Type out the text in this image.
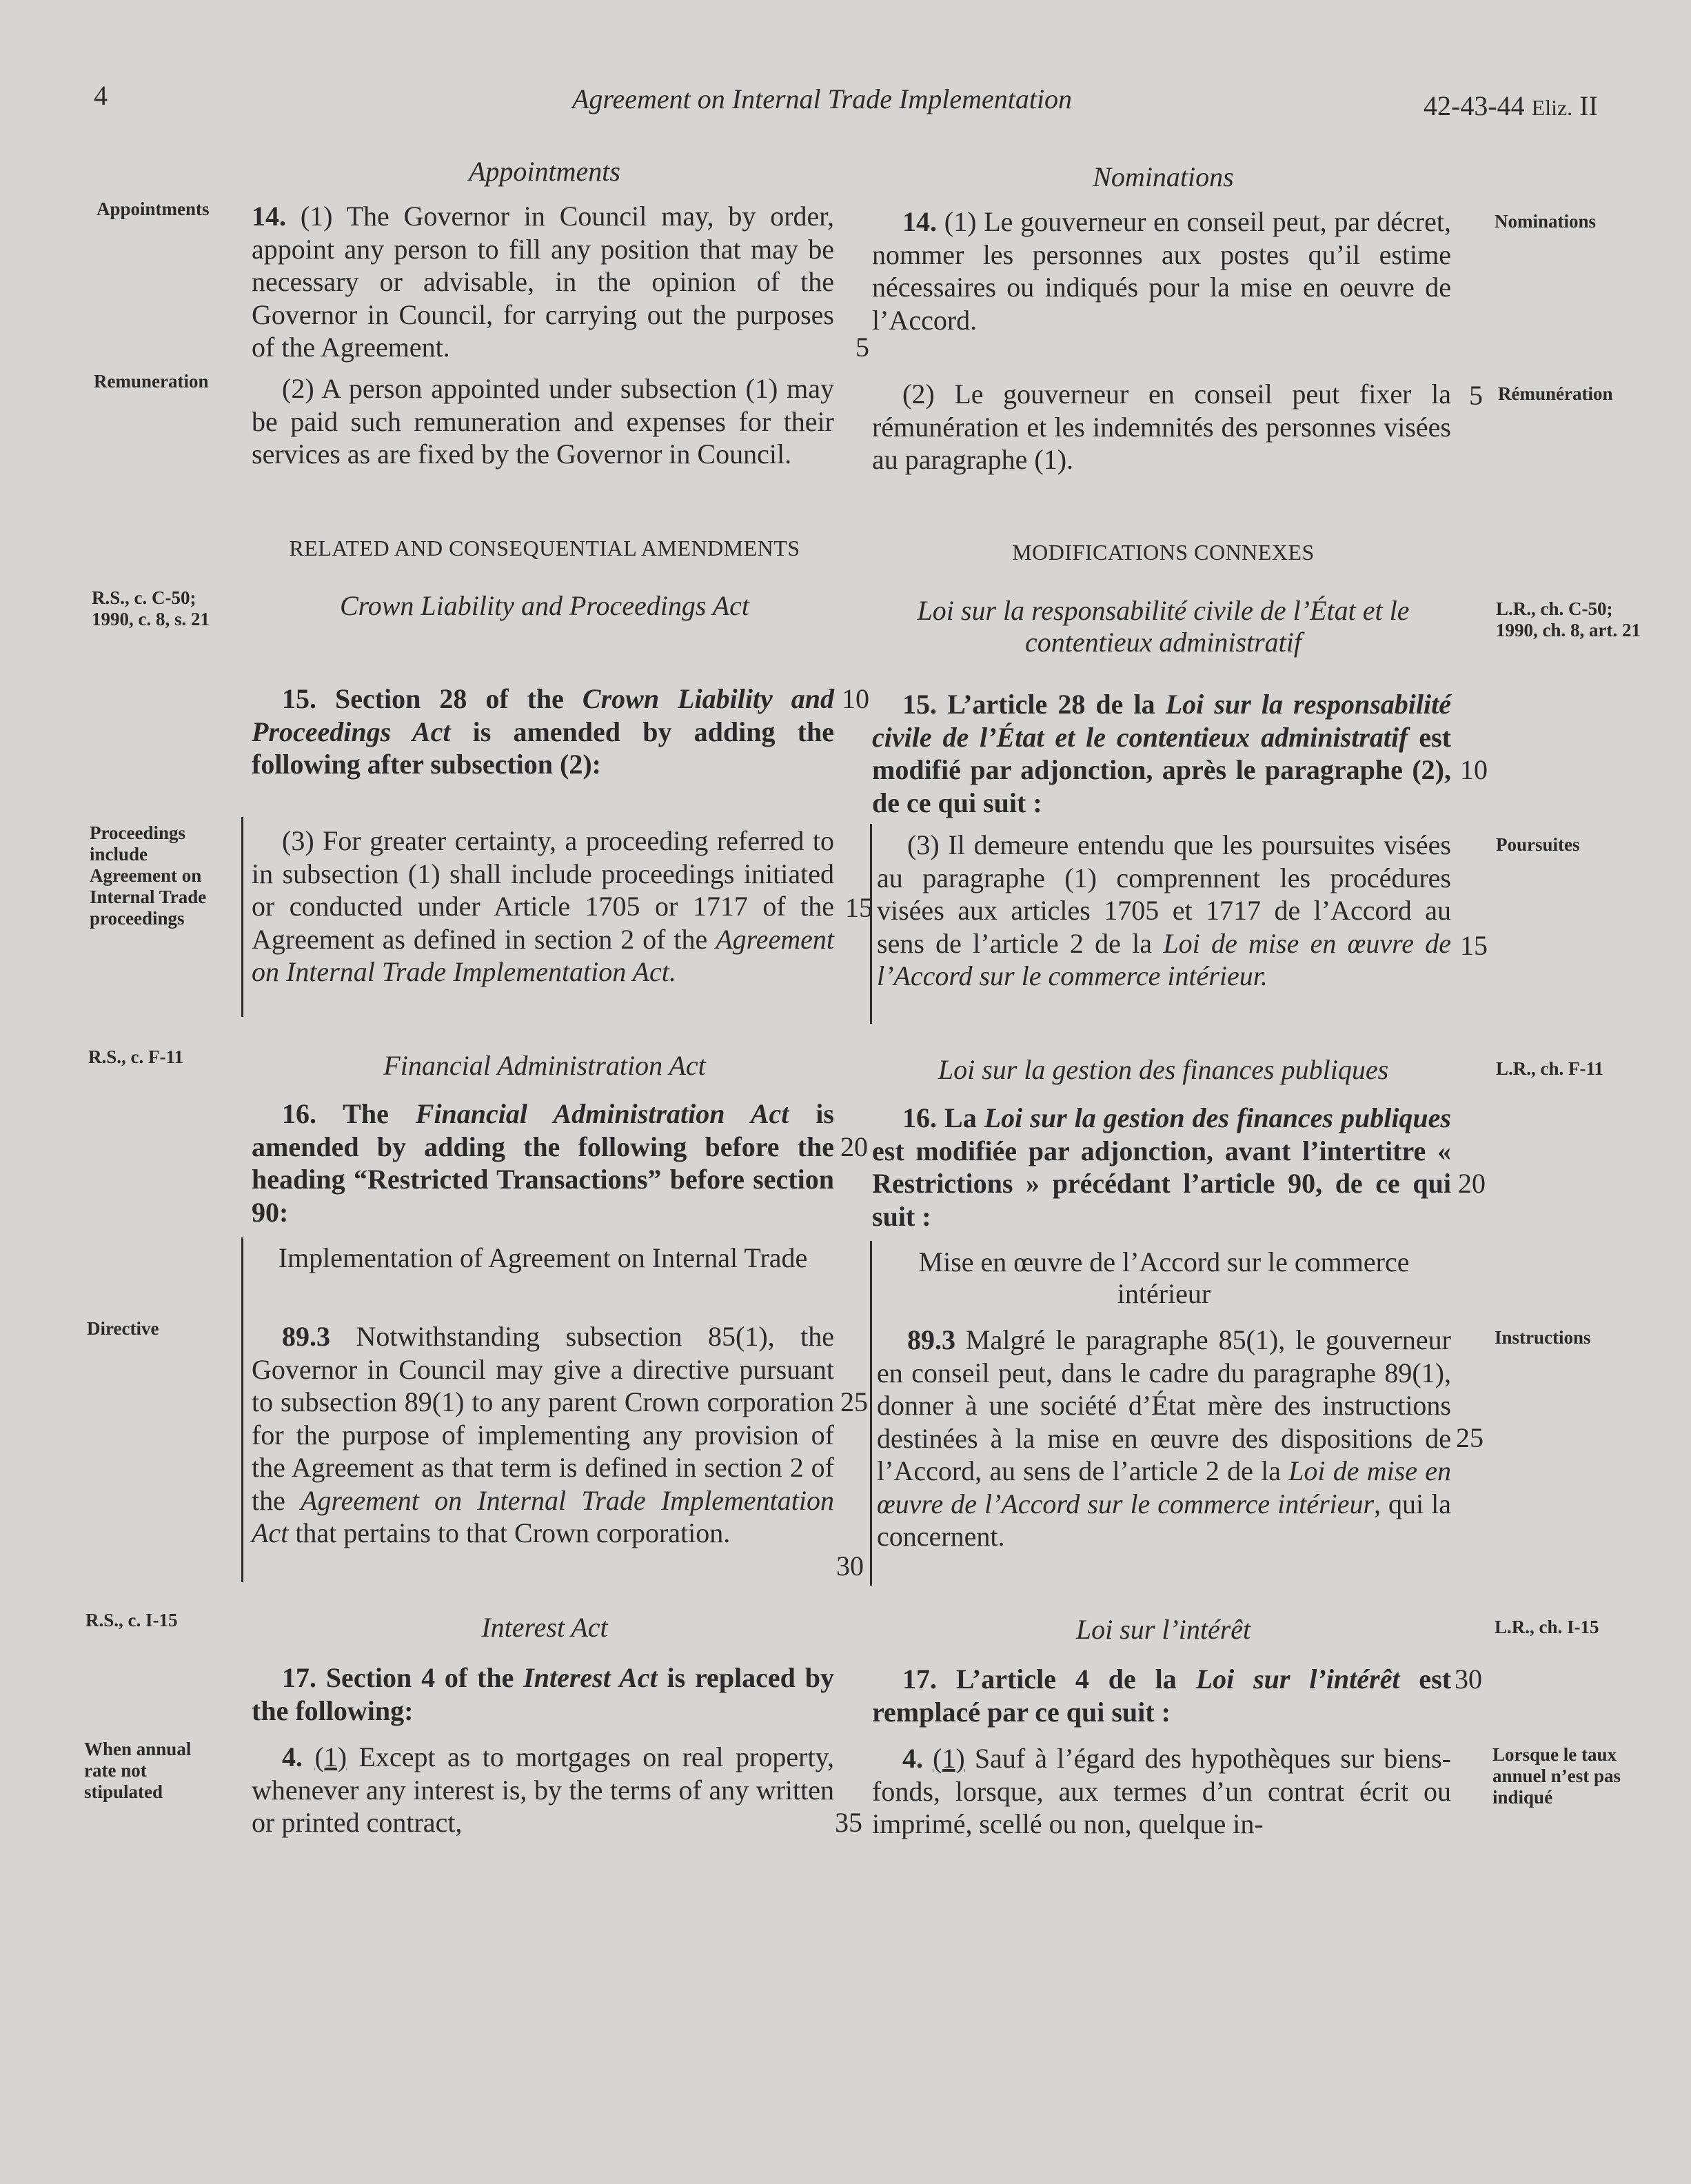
4	Agreement on Internal Trade Implementation	42-43-44 Eliz. II
Appointments
14. (1) The Governor in Council may, by order, appoint any person to fill any position that may be necessary or advisable, in the opinion of the Governor in Council, for carrying out the purposes of the Agreement.
(2) A person appointed under subsection (1) may be paid such remuneration and expenses for their services as are fixed by the Governor in Council.
RELATED AND CONSEQUENTIAL AMENDMENTS
Crown Liability and Proceedings Act
15. Section 28 of the Crown Liability and Proceedings Act is amended by adding the following after subsection (2):
(3) For greater certainty, a proceeding referred to in subsection (1) shall include proceedings initiated or conducted under Article 1705 or 1717 of the Agreement as defined in section 2 of the Agreement on Internal Trade Implementation Act.
Financial Administration Act
16. The Financial Administration Act is amended by adding the following before the heading “Restricted Transactions” before section 90:
Implementation of Agreement on Internal Trade
89.3 Notwithstanding subsection 85(1), the Governor in Council may give a directive pursuant to subsection 89(1) to any parent Crown corporation for the purpose of implementing any provision of the Agreement as that term is defined in section 2 of the Agreement on Internal Trade Implementation Act that pertains to that Crown corporation.
Interest Act
17. Section 4 of the Interest Act is replaced by the following:
4. (1) Except as to mortgages on real property, whenever any interest is, by the terms of any written or printed contract,
Nominations
14. (1) Le gouverneur en conseil peut, par décret, nommer les personnes aux postes qu’il estime nécessaires ou indiqués pour la mise en oeuvre de l’Accord.
(2) Le gouverneur en conseil peut fixer la rémunération et les indemnités des personnes visées au paragraphe (1).
MODIFICATIONS CONNEXES
Loi sur la responsabilité civile de l’État et le contentieux administratif
15. L’article 28 de la Loi sur la responsabilité civile de l’État et le contentieux administratif est modifié par adjonction, après le paragraphe (2), de ce qui suit :
(3) Il demeure entendu que les poursuites visées au paragraphe (1) comprennent les procédures visées aux articles 1705 et 1717 de l’Accord au sens de l’article 2 de la Loi de mise en œuvre de l’Accord sur le commerce intérieur.
Loi sur la gestion des finances publiques
16. La Loi sur la gestion des finances publiques est modifiée par adjonction, avant l’intertitre « Restrictions » précédant l’article 90, de ce qui suit :
Mise en œuvre de l’Accord sur le commerce intérieur
89.3 Malgré le paragraphe 85(1), le gouverneur en conseil peut, dans le cadre du paragraphe 89(1), donner à une société d’État mère des instructions destinées à la mise en œuvre des dispositions de l’Accord, au sens de l’article 2 de la Loi de mise en œuvre de l’Accord sur le commerce intérieur, qui la concernent.
Loi sur l’intérêt
17. L’article 4 de la Loi sur l’intérêt est remplacé par ce qui suit :
4. (1) Sauf à l’égard des hypothèques sur biens-fonds, lorsque, aux termes d’un contrat écrit ou imprimé, scellé ou non, quelque in-
Appointments
Remuneration
R.S., c. C-50; 1990, c. 8, s. 21
Proceedings include Agreement on Internal Trade proceedings
R.S., c. F-11
Directive
R.S., c. I-15
When annual rate not stipulated
Nominations
Rémunération
L.R., ch. C-50; 1990, ch. 8, art. 21
Poursuites
L.R., ch. F-11
Instructions
L.R., ch. I-15
Lorsque le taux annuel n’est pas indiqué
5
5
10
10
15
15
20
20
25
25
30
30
35
